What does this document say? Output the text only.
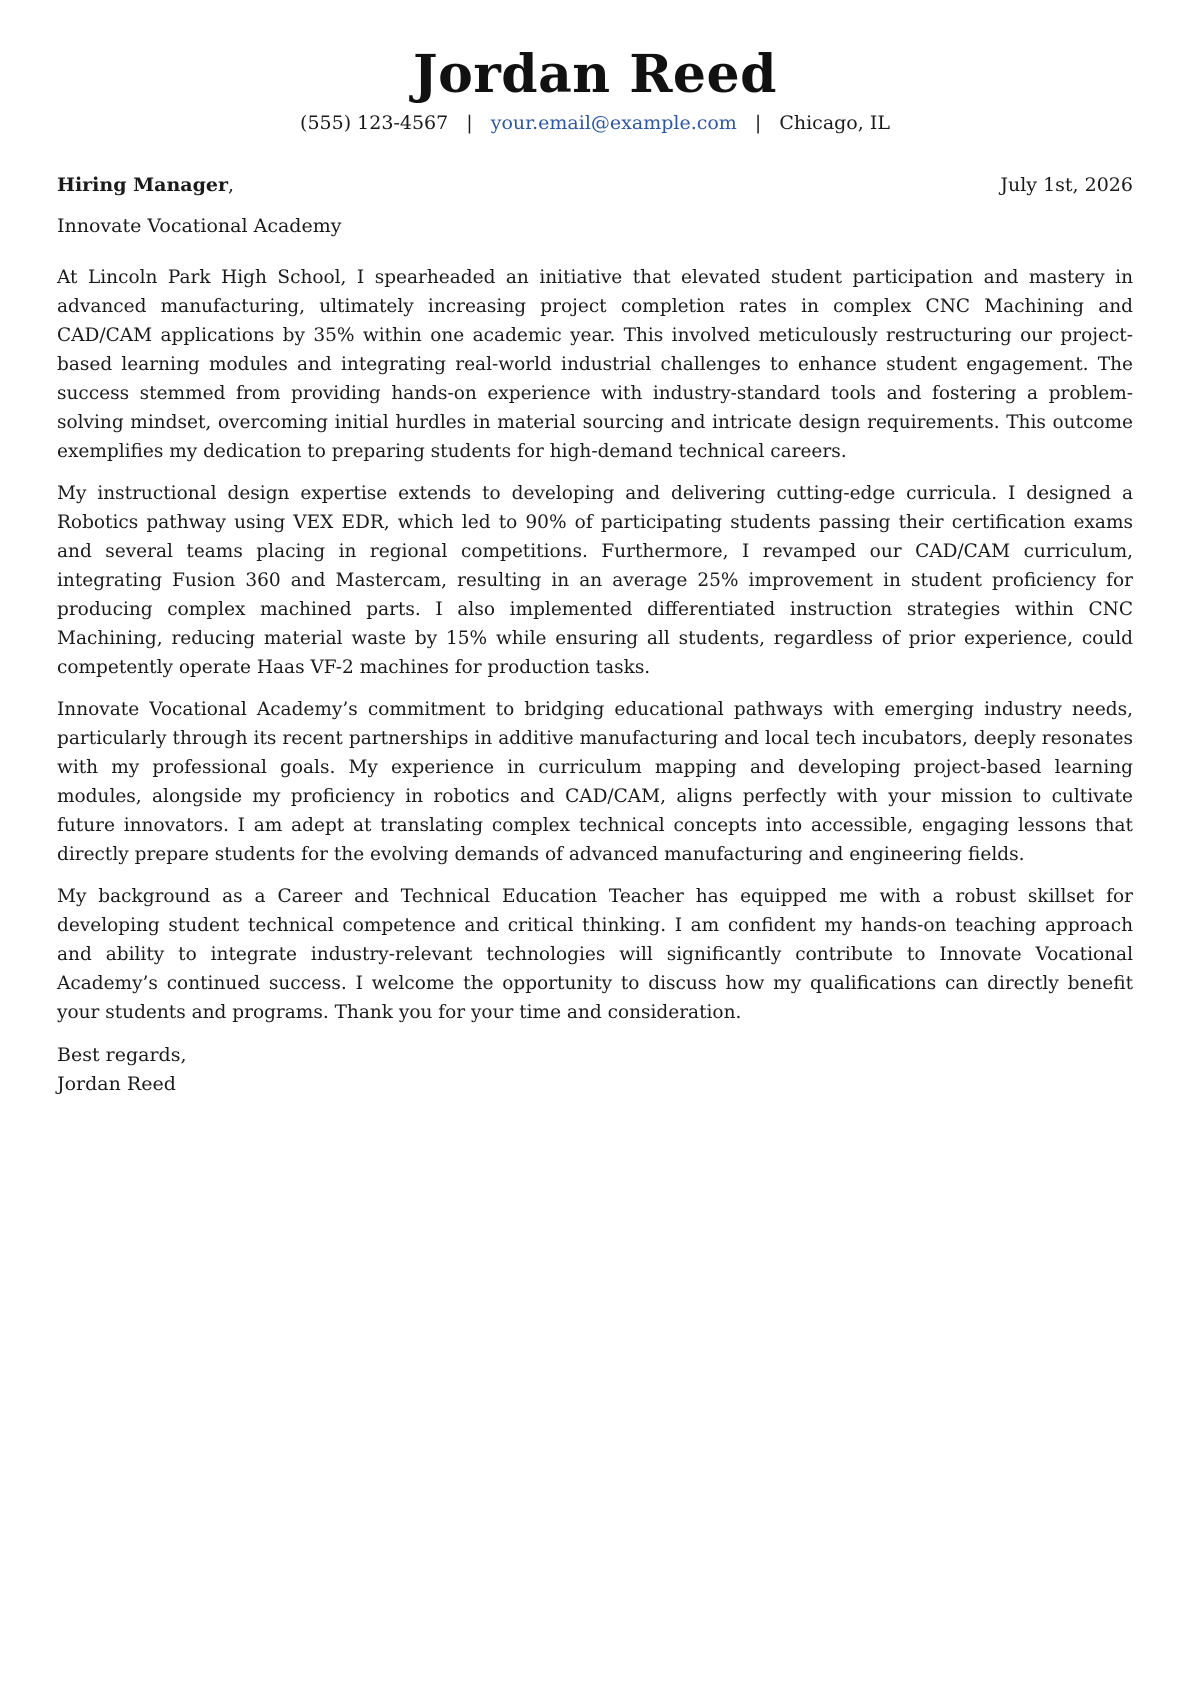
Jordan Reed
(555) 123-4567 | your.email@example.com | Chicago, IL
Hiring Manager,	July 1st, 2026
Innovate Vocational Academy

At Lincoln Park High School, I spearheaded an initiative that elevated student participation and mastery in advanced manufacturing, ultimately increasing project completion rates in complex CNC Machining and CAD/CAM applications by 35% within one academic year. This involved meticulously restructuring our project-based learning modules and integrating real-world industrial challenges to enhance student engagement. The success stemmed from providing hands-on experience with industry-standard tools and fostering a problem-solving mindset, overcoming initial hurdles in material sourcing and intricate design requirements. This outcome exemplifies my dedication to preparing students for high-demand technical careers.

My instructional design expertise extends to developing and delivering cutting-edge curricula. I designed a Robotics pathway using VEX EDR, which led to 90% of participating students passing their certification exams and several teams placing in regional competitions. Furthermore, I revamped our CAD/CAM curriculum, integrating Fusion 360 and Mastercam, resulting in an average 25% improvement in student proficiency for producing complex machined parts. I also implemented differentiated instruction strategies within CNC Machining, reducing material waste by 15% while ensuring all students, regardless of prior experience, could competently operate Haas VF-2 machines for production tasks.

Innovate Vocational Academy’s commitment to bridging educational pathways with emerging industry needs, particularly through its recent partnerships in additive manufacturing and local tech incubators, deeply resonates with my professional goals. My experience in curriculum mapping and developing project-based learning modules, alongside my proficiency in robotics and CAD/CAM, aligns perfectly with your mission to cultivate future innovators. I am adept at translating complex technical concepts into accessible, engaging lessons that directly prepare students for the evolving demands of advanced manufacturing and engineering fields.

My background as a Career and Technical Education Teacher has equipped me with a robust skillset for developing student technical competence and critical thinking. I am confident my hands-on teaching approach and ability to integrate industry-relevant technologies will significantly contribute to Innovate Vocational Academy’s continued success. I welcome the opportunity to discuss how my qualifications can directly benefit your students and programs. Thank you for your time and consideration.

Best regards,
Jordan Reed
